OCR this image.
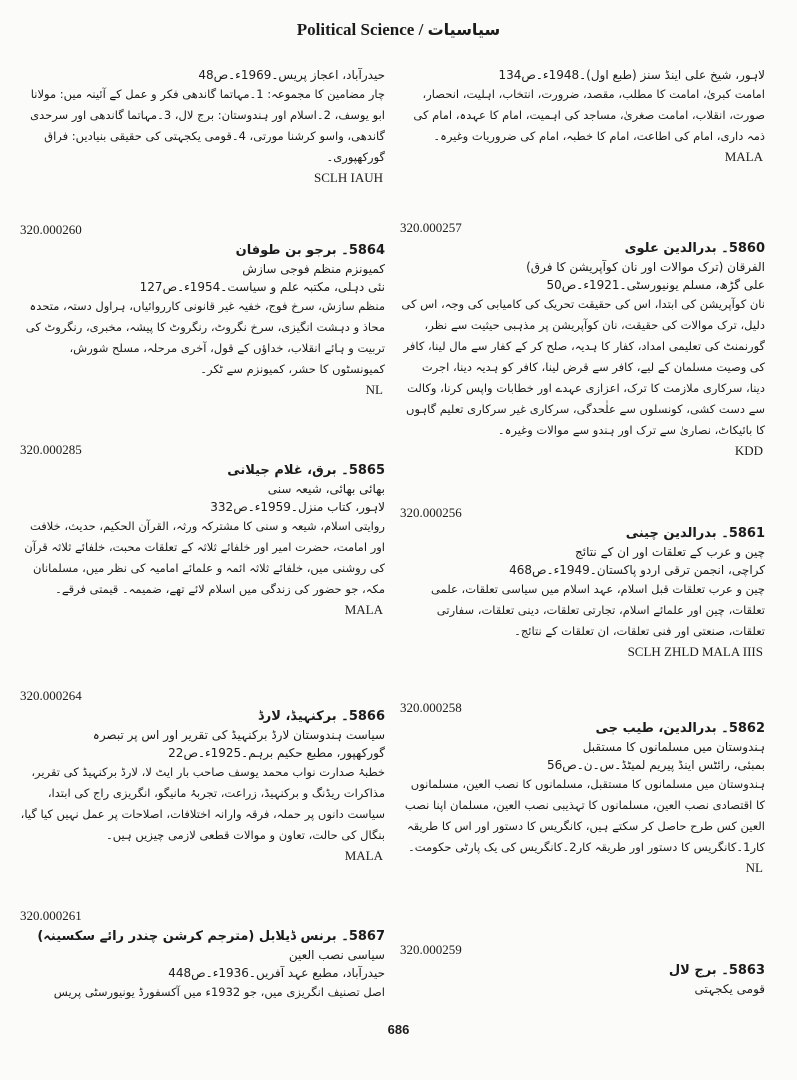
Political Science / سیاسیات
لاہور، شیخ علی اینڈ سنز (طبع اول)۔1948ء۔ص134
امامت کبریٰ، امامت کا مطلب، مقصد، ضرورت، انتخاب، اہلیت، انحصار، صورت، انقلاب، امامت صغریٰ، مساجد کی اہمیت، امام کا عہدہ، امام کی ذمہ داری، امام کی اطاعت، امام کا خطبہ، امام کی ضروریات وغیرہ۔
MALA
320.000257
5860۔ بدرالدین علوی
الفرقان (ترک موالات اور نان کوآپریشن کا فرق)
علی گڑھ، مسلم یونیورسٹی۔1921ء۔ص50
نان کوآپریشن کی ابتدا، اس کی حقیقت تحریک کی کامیابی کی وجہ، اس کی دلیل، ترک موالات کی حقیقت، نان کوآپریشن پر مذہبی حیثیت سے نظر، گورنمنٹ کی تعلیمی امداد، کفار کا ہدیہ، صلح کر کے کفار سے مال لینا، کافر کی وصیت مسلمان کے لیے، کافر سے قرض لینا، کافر کو ہدیہ دینا، اجرت دینا، سرکاری ملازمت کا ترک، اعزازی عہدے اور خطابات واپس کرنا، وکالت سے دست کشی، کونسلوں سے علٰحدگی، سرکاری غیر سرکاری تعلیم گاہوں کا بائیکاٹ، نصاریٰ سے ترک اور ہندو سے موالات وغیرہ۔
KDD
320.000256
5861۔ بدرالدین چینی
چین و عرب کے تعلقات اور ان کے نتائج
کراچی، انجمن ترقی اردو پاکستان۔1949ء۔ص468
چین و عرب تعلقات قبل اسلام، عہد اسلام میں سیاسی تعلقات، علمی تعلقات، چین اور علمائے اسلام، تجارتی تعلقات، دینی تعلقات، سفارتی تعلقات، صنعتی اور فنی تعلقات، ان تعلقات کے نتائج۔
SCLH ZHLD MALA IIIS
320.000258
5862۔ بدرالدین، طیب جی
ہندوستان میں مسلمانوں کا مستقبل
بمبئی، رائٹس اینڈ پیریم لمیٹڈ۔س۔ن۔ص56
ہندوستان میں مسلمانوں کا مستقبل، مسلمانوں کا نصب العین، مسلمانوں کا اقتصادی نصب العین، مسلمانوں کا تہذیبی نصب العین، مسلمان اپنا نصب العین کس طرح حاصل کر سکتے ہیں، کانگریس کا دستور اور اس کا طریقہ کار1۔کانگریس کا دستور اور طریقہ کار2۔کانگریس کی یک پارٹی حکومت۔
NL
320.000259
5863۔ برج لال
قومی یکجہتی
حیدرآباد، اعجاز پریس۔1969ء۔ص48
چار مضامین کا مجموعہ: 1۔مہاتما گاندھی فکر و عمل کے آئینہ میں: مولانا ابو یوسف، 2۔اسلام اور ہندوستان: برج لال، 3۔مہاتما گاندھی اور سرحدی گاندھی، واسو کرشنا مورتی، 4۔قومی یکجہتی کی حقیقی بنیادیں: فراق گورکھپوری۔
SCLH IAUH
320.000260
5864۔ برجو بن طوفان
کمیونزم منظم فوجی سازش
نئی دہلی، مکتبہ علم و سیاست۔1954ء۔ص127
منظم سازش، سرخ فوج، خفیہ غیر قانونی کارروائیاں، ہراول دستہ، متحدہ محاذ و دہشت انگیزی، سرخ نگروٹ، رنگروٹ کا پیشہ، مخبری، رنگروٹ کی تربیت و ہائے انقلاب، خداؤں کے قول، آخری مرحلہ، مسلح شورش، کمیونسٹوں کا حشر، کمیونزم سے ٹکر۔
NL
320.000285
5865۔ برق، غلام جیلانی
بھائی بھائی، شیعہ سنی
لاہور، کتاب منزل۔1959ء۔ص332
روایتی اسلام، شیعہ و سنی کا مشترکہ ورثہ، القرآن الحکیم، حدیث، خلافت اور امامت، حضرت امیر اور خلفائے ثلاثہ کے تعلقات محبت، خلفائے ثلاثہ قرآن کی روشنی میں، خلفائے ثلاثہ ائمہ و علمائے امامیہ کی نظر میں، مسلمانان مکہ، جو حضور کی زندگی میں اسلام لائے تھے، ضمیمہ۔ قیمتی فرقے۔
MALA
320.000264
5866۔ برکنہیڈ، لارڈ
سیاست ہندوستان لارڈ برکنہیڈ کی تقریر اور اس پر تبصرہ
گورکھپور، مطبع حکیم برہم۔1925ء۔ص22
خطبۂ صدارت نواب محمد یوسف صاحب بار ایٹ لا، لارڈ برکنہیڈ کی تقریر، مذاکرات ریڈنگ و برکنہیڈ، زراعت، تجربۂ مانیگو، انگریزی راج کی ابتدا، سیاست دانوں پر حملہ، فرقہ وارانہ اختلافات، اصلاحات پر عمل نہیں کیا گیا، بنگال کی حالت، تعاون و موالات قطعی لازمی چیزیں ہیں۔
MALA
320.000261
5867۔ برنس ڈیلابل (مترجم کرشن چندر رائے سکسینہ)
سیاسی نصب العین
حیدرآباد، مطبع عہد آفریں۔1936ء۔ص448
اصل تصنیف انگریزی میں، جو 1932ء میں آکسفورڈ یونیورسٹی پریس
686
